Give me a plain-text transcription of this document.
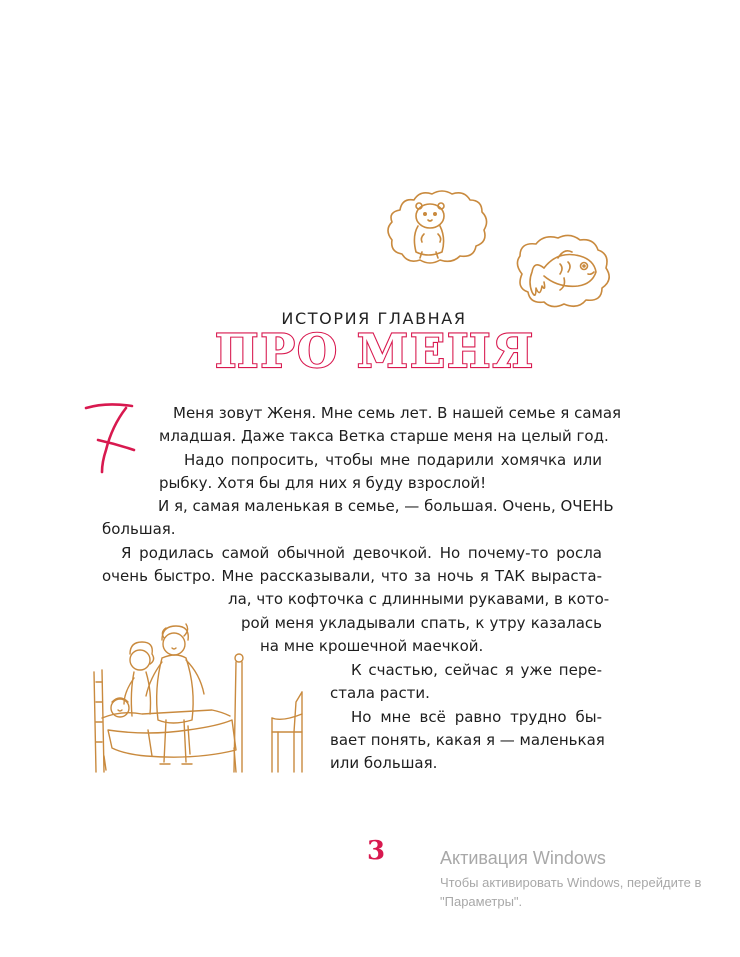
ИСТОРИЯ ГЛАВНАЯ
ПРО МЕНЯ
Меня зовут Женя. Мне семь лет. В нашей семье я самая
младшая. Даже такса Ветка старше меня на целый год.
Надо попросить, чтобы мне подарили хомячка или
рыбку. Хотя бы для них я буду взрослой!
И я, самая маленькая в семье, — большая. Очень, ОЧЕНЬ
большая.
Я родилась самой обычной девочкой. Но почему-то росла
очень быстро. Мне рассказывали, что за ночь я ТАК выраста-
ла, что кофточка с длинными рукавами, в кото-
рой меня укладывали спать, к утру казалась
на мне крошечной маечкой.
К счастью, сейчас я уже пере-
стала расти.
Но мне всё равно трудно бы-
вает понять, какая я — маленькая
или большая.
3	Активация Windows
Чтобы активировать Windows, перейдите в
"Параметры".
